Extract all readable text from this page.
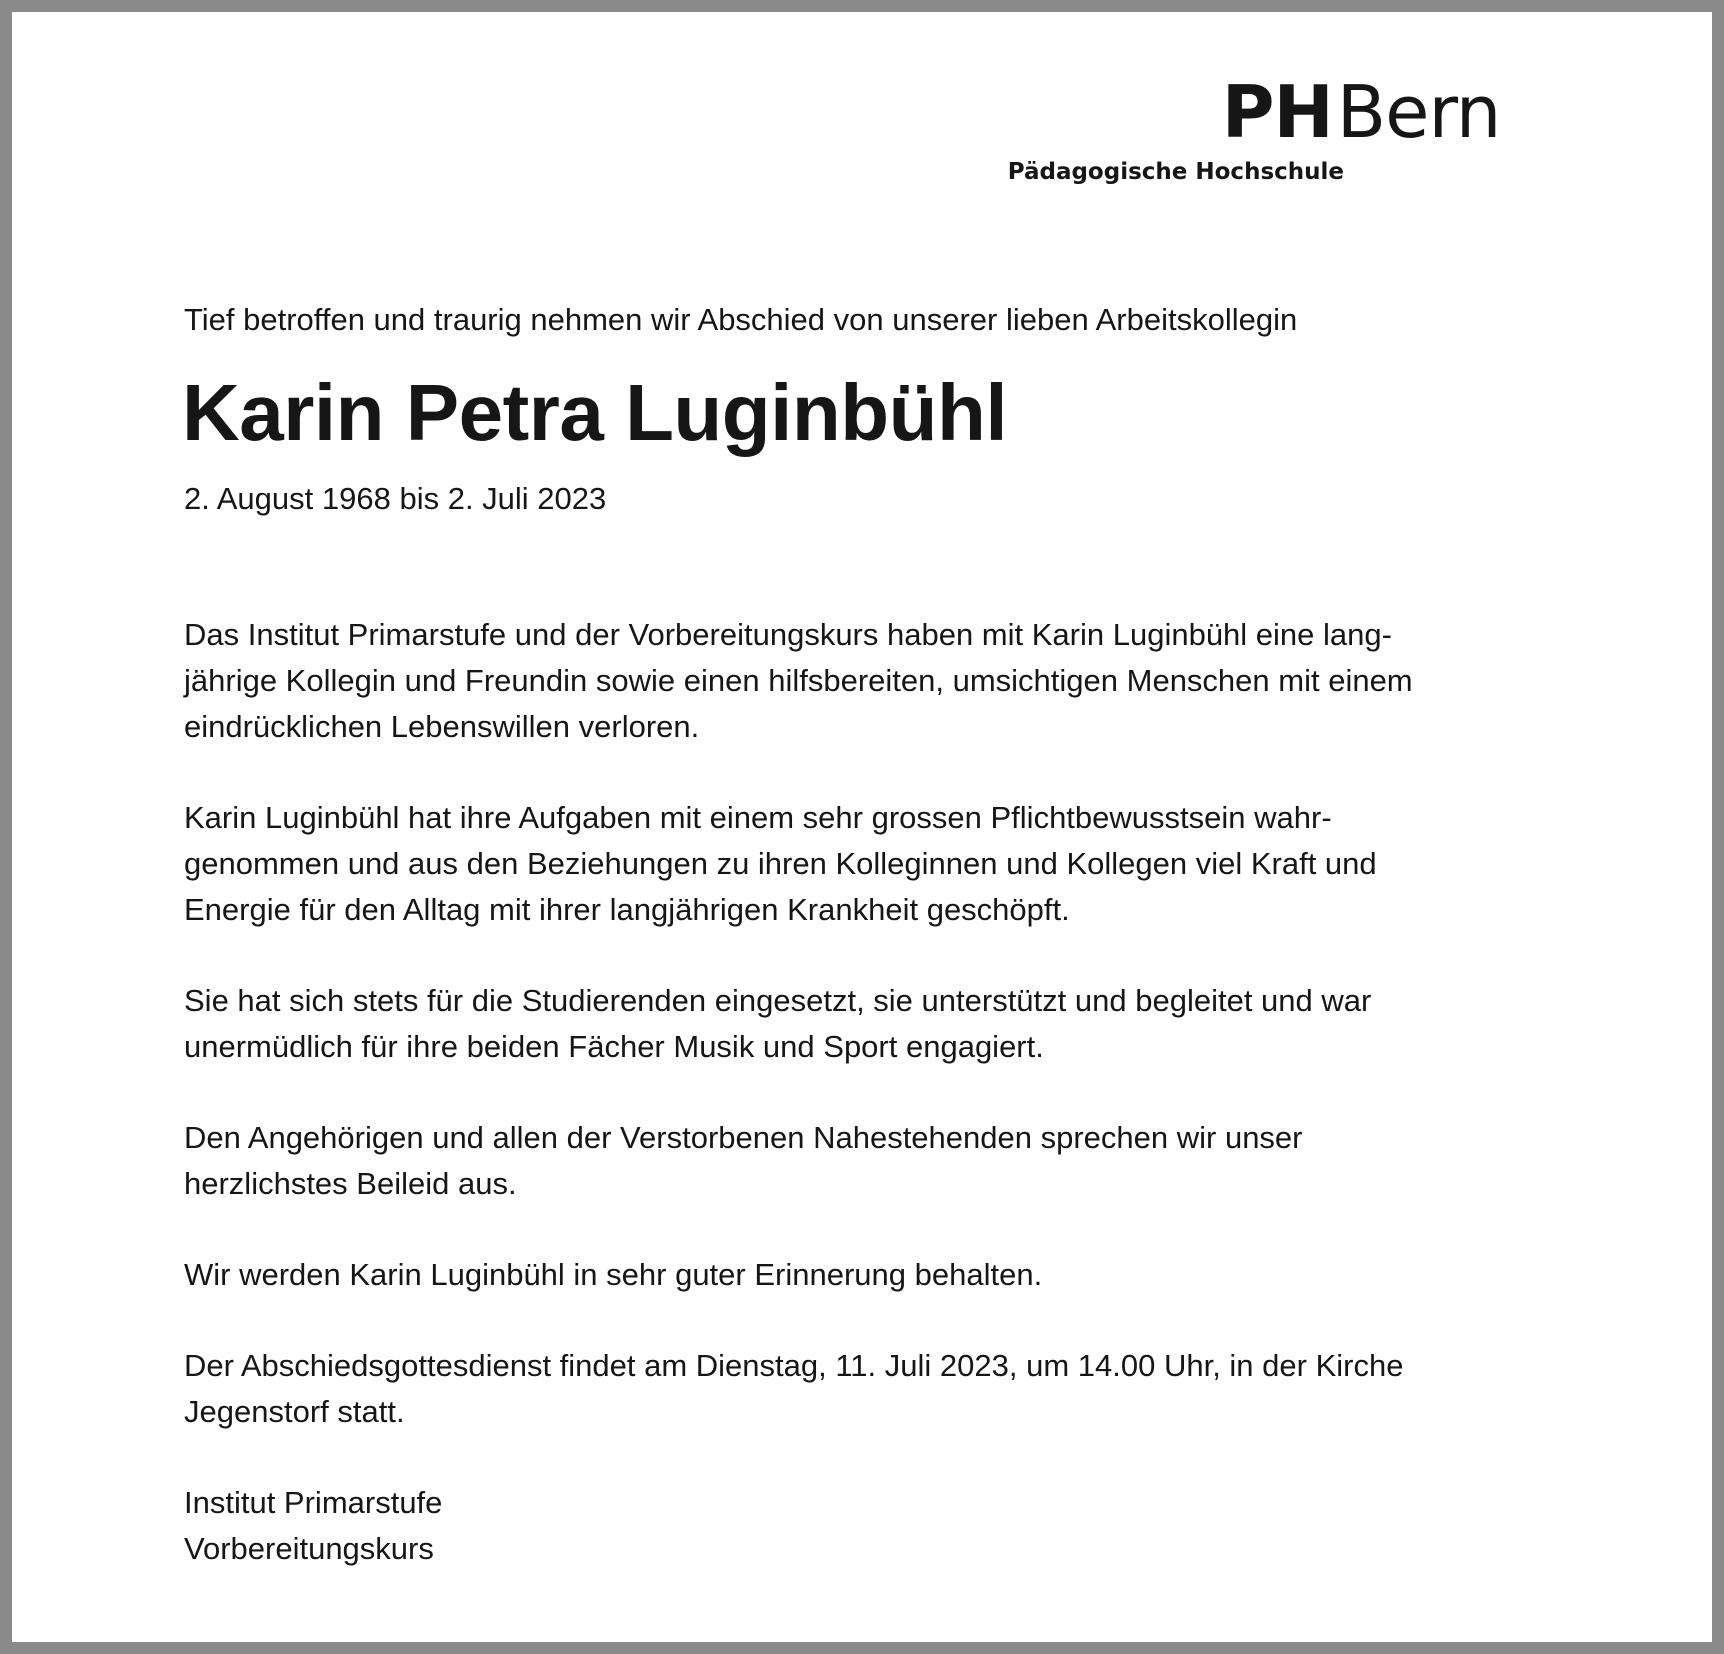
PHBern
Pädagogische Hochschule
Tief betroffen und traurig nehmen wir Abschied von unserer lieben Arbeitskollegin
Karin Petra Luginbühl
2. August 1968 bis 2. Juli 2023

Das Institut Primarstufe und der Vorbereitungskurs haben mit Karin Luginbühl eine lang-
jährige Kollegin und Freundin sowie einen hilfsbereiten, umsichtigen Menschen mit einem
eindrücklichen Lebenswillen verloren.

Karin Luginbühl hat ihre Aufgaben mit einem sehr grossen Pflichtbewusstsein wahr-
genommen und aus den Beziehungen zu ihren Kolleginnen und Kollegen viel Kraft und
Energie für den Alltag mit ihrer langjährigen Krankheit geschöpft.

Sie hat sich stets für die Studierenden eingesetzt, sie unterstützt und begleitet und war
unermüdlich für ihre beiden Fächer Musik und Sport engagiert.

Den Angehörigen und allen der Verstorbenen Nahestehenden sprechen wir unser
herzlichstes Beileid aus.

Wir werden Karin Luginbühl in sehr guter Erinnerung behalten.

Der Abschiedsgottesdienst findet am Dienstag, 11. Juli 2023, um 14.00 Uhr, in der Kirche
Jegenstorf statt.

Institut Primarstufe
Vorbereitungskurs
